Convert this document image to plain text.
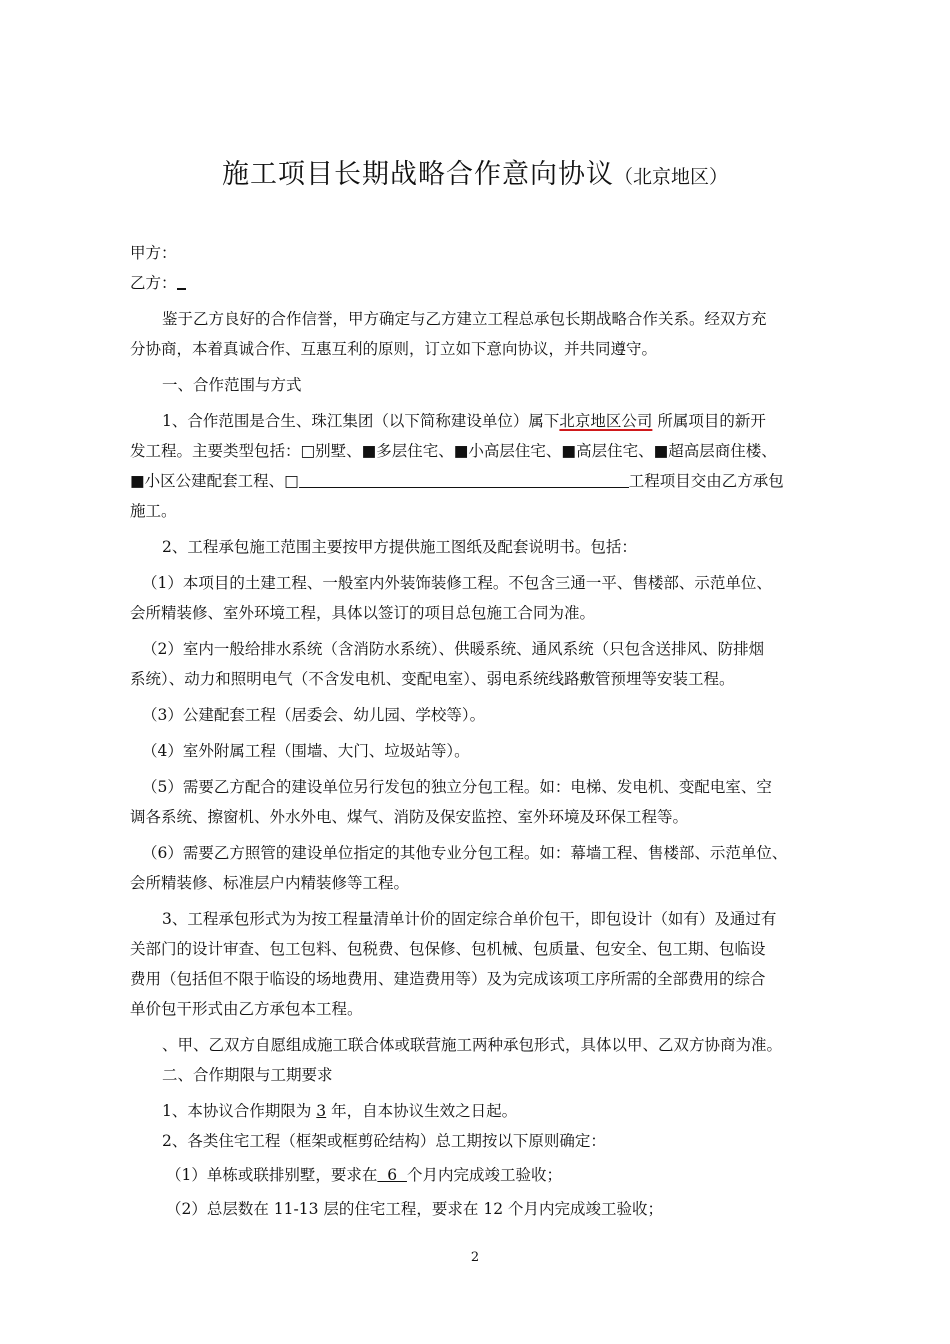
施工项目长期战略合作意向协议（北京地区）
甲方：
乙方：
鉴于乙方良好的合作信誉，甲方确定与乙方建立工程总承包长期战略合作关系。经双方充
分协商，本着真诚合作、互惠互利的原则，订立如下意向协议，并共同遵守。
一、合作范围与方式
1、合作范围是合生、珠江集团（以下简称建设单位）属下北京地区公司 所属项目的新开
发工程。主要类型包括：□别墅、■多层住宅、■小高层住宅、■高层住宅、■超高层商住楼、
■小区公建配套工程、□	工程项目交由乙方承包
施工。
2、工程承包施工范围主要按甲方提供施工图纸及配套说明书。包括：
（1）本项目的土建工程、一般室内外装饰装修工程。不包含三通一平、售楼部、示范单位、
会所精装修、室外环境工程，具体以签订的项目总包施工合同为准。
（2）室内一般给排水系统（含消防水系统）、供暖系统、通风系统（只包含送排风、防排烟
系统）、动力和照明电气（不含发电机、变配电室）、弱电系统线路敷管预埋等安装工程。
（3）公建配套工程（居委会、幼儿园、学校等）。
（4）室外附属工程（围墙、大门、垃圾站等）。
（5）需要乙方配合的建设单位另行发包的独立分包工程。如：电梯、发电机、变配电室、空
调各系统、擦窗机、外水外电、煤气、消防及保安监控、室外环境及环保工程等。
（6）需要乙方照管的建设单位指定的其他专业分包工程。如：幕墙工程、售楼部、示范单位、
会所精装修、标准层户内精装修等工程。
3、工程承包形式为为按工程量清单计价的固定综合单价包干，即包设计（如有）及通过有
关部门的设计审查、包工包料、包税费、包保修、包机械、包质量、包安全、包工期、包临设
费用（包括但不限于临设的场地费用、建造费用等）及为完成该项工序所需的全部费用的综合
单价包干形式由乙方承包本工程。
、甲、乙双方自愿组成施工联合体或联营施工两种承包形式，具体以甲、乙双方协商为准。
二、合作期限与工期要求
1、本协议合作期限为 3 年，自本协议生效之日起。
2、各类住宅工程（框架或框剪砼结构）总工期按以下原则确定：
（1）单栋或联排别墅，要求在  6  个月内完成竣工验收；
（2）总层数在 11-13 层的住宅工程，要求在 12 个月内完成竣工验收；
2
